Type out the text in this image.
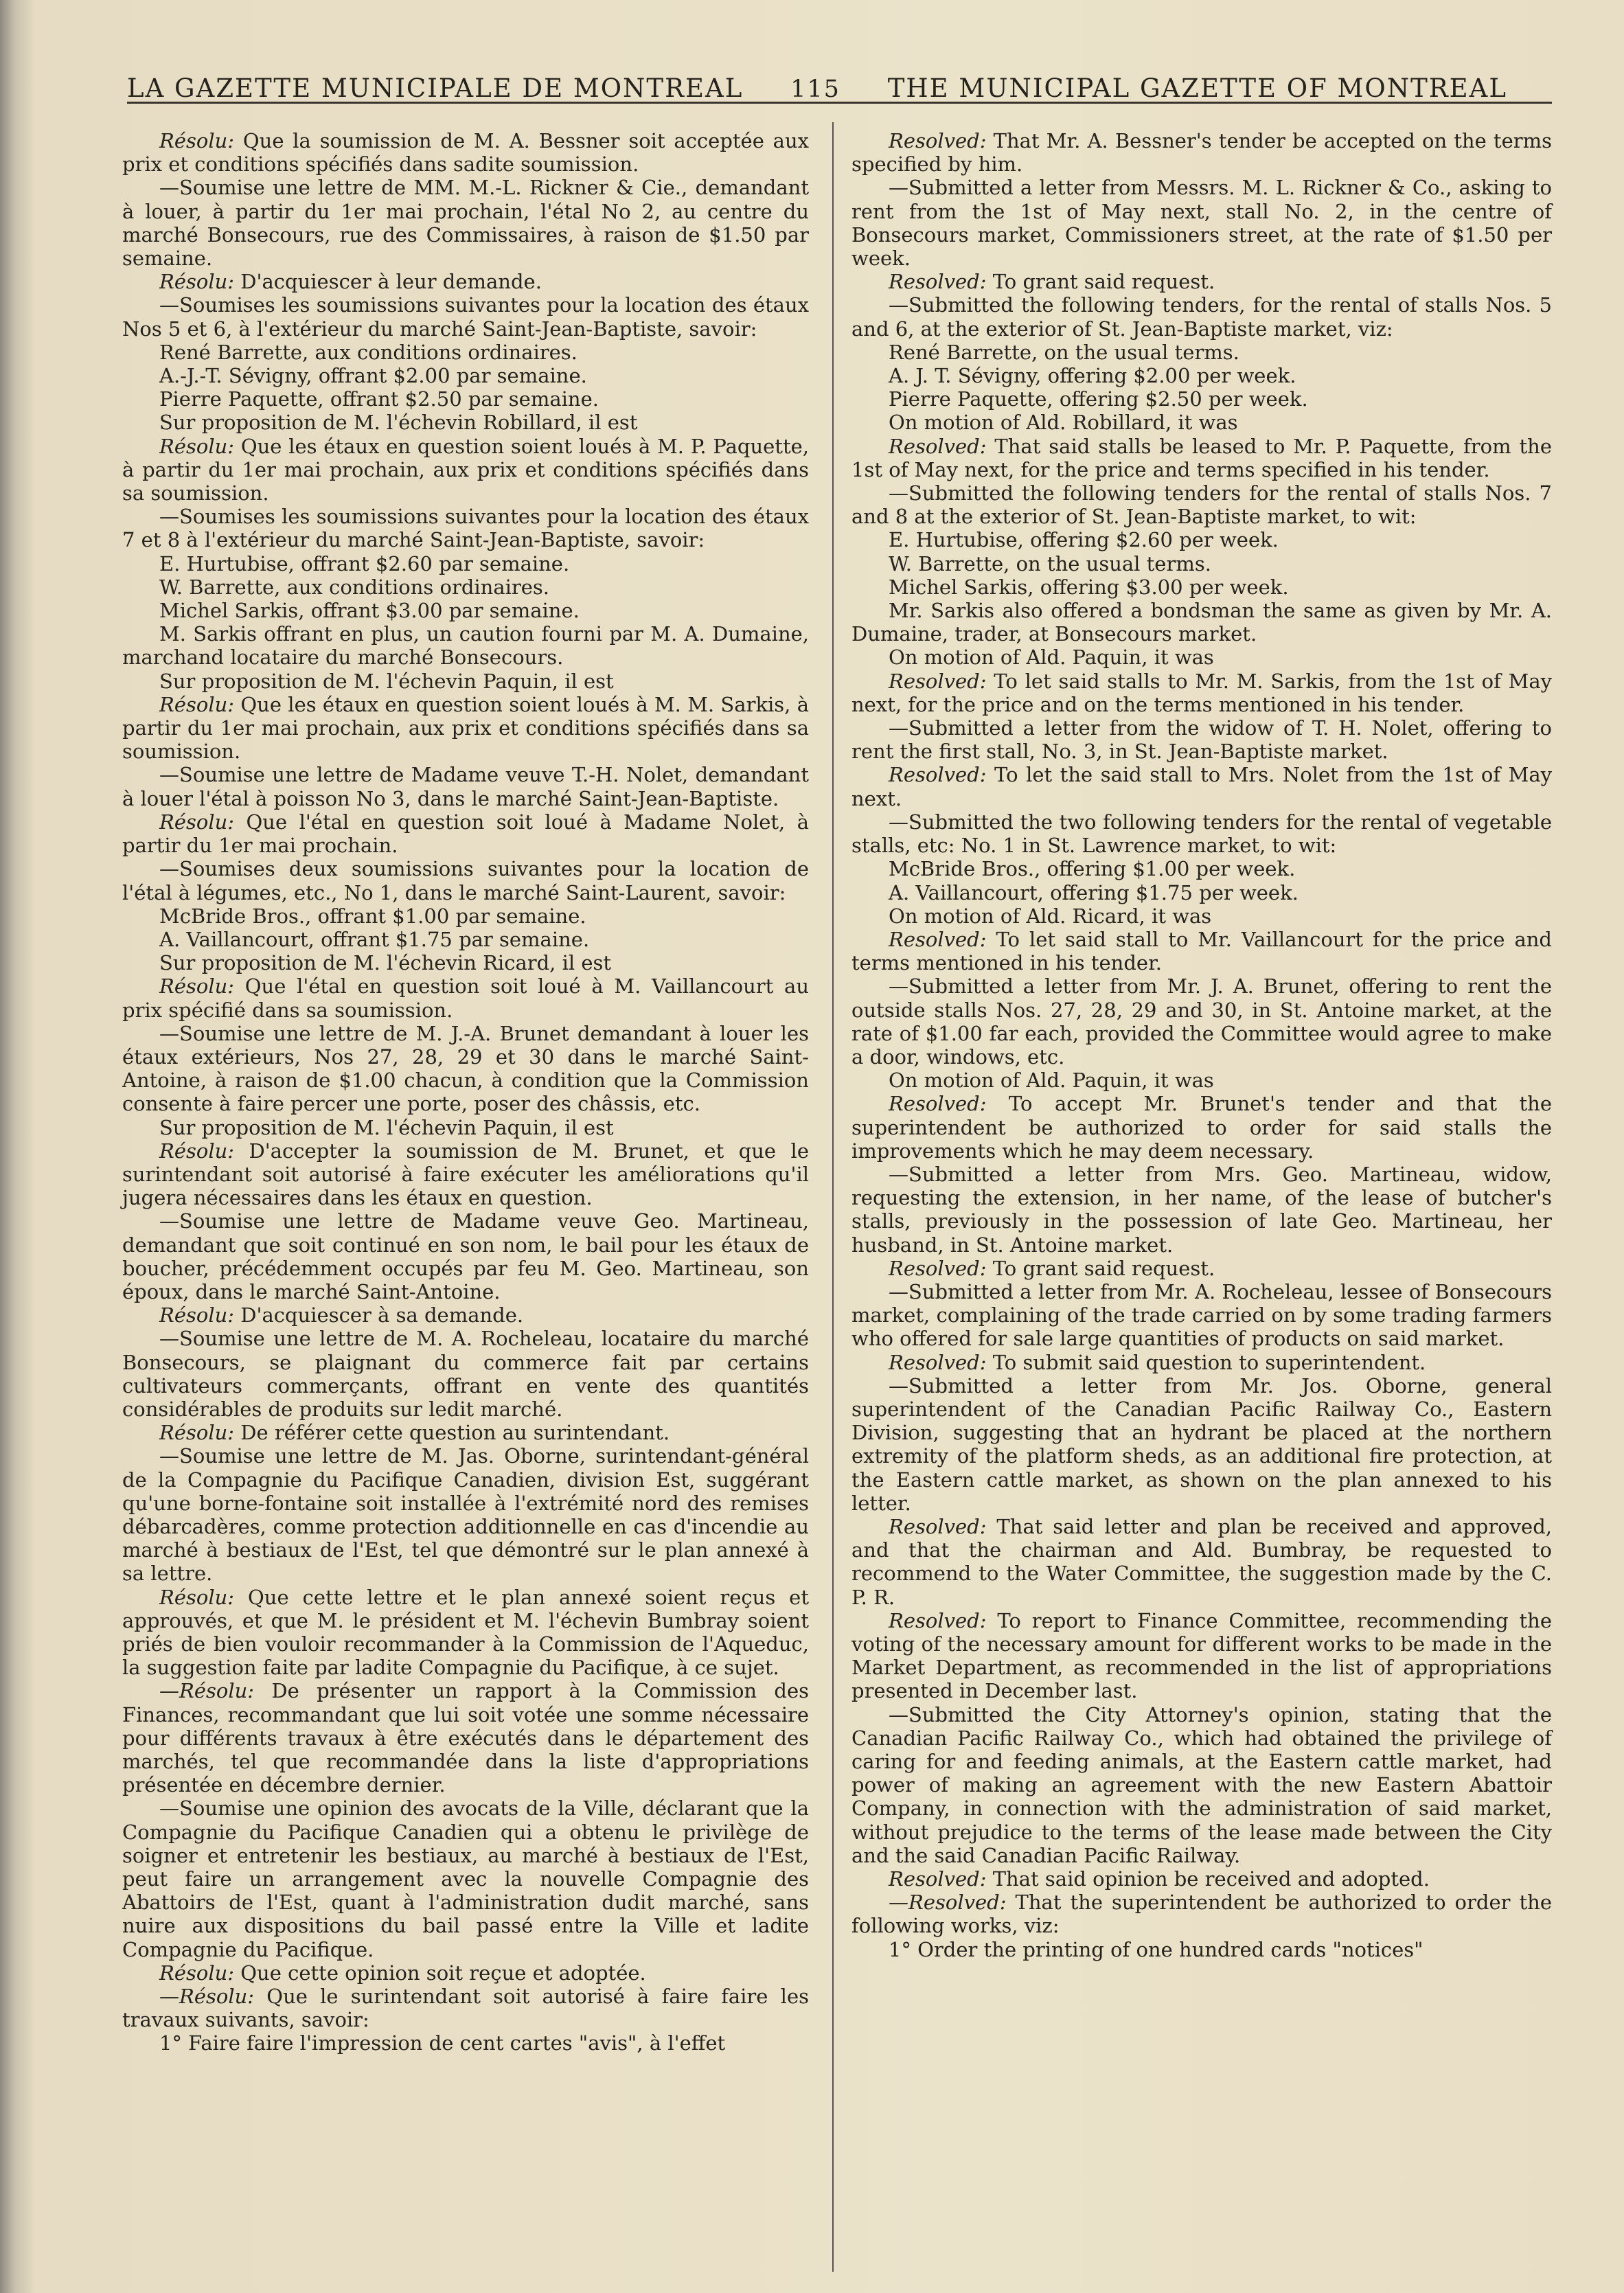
LA GAZETTE MUNICIPALE DE MONTREAL 115 THE MUNICIPAL GAZETTE OF MONTREAL

Résolu: Que la soumission de M. A. Bessner soit acceptée aux prix et conditions spécifiés dans sadite soumission.

—Soumise une lettre de MM. M.-L. Rickner & Cie., demandant à louer, à partir du 1er mai prochain, l'étal No 2, au centre du marché Bonsecours, rue des Commissaires, à raison de $1.50 par semaine.

Résolu: D'acquiescer à leur demande.

—Soumises les soumissions suivantes pour la location des étaux Nos 5 et 6, à l'extérieur du marché Saint-Jean-Baptiste, savoir:

René Barrette, aux conditions ordinaires.

A.-J.-T. Sévigny, offrant $2.00 par semaine.

Pierre Paquette, offrant $2.50 par semaine.

Sur proposition de M. l'échevin Robillard, il est

Résolu: Que les étaux en question soient loués à M. P. Paquette, à partir du 1er mai prochain, aux prix et conditions spécifiés dans sa soumission.

—Soumises les soumissions suivantes pour la location des étaux 7 et 8 à l'extérieur du marché Saint-Jean-Baptiste, savoir:

E. Hurtubise, offrant $2.60 par semaine.

W. Barrette, aux conditions ordinaires.

Michel Sarkis, offrant $3.00 par semaine.

M. Sarkis offrant en plus, un caution fourni par M. A. Dumaine, marchand locataire du marché Bonsecours.

Sur proposition de M. l'échevin Paquin, il est

Résolu: Que les étaux en question soient loués à M. M. Sarkis, à partir du 1er mai prochain, aux prix et conditions spécifiés dans sa soumission.

—Soumise une lettre de Madame veuve T.-H. Nolet, demandant à louer l'étal à poisson No 3, dans le marché Saint-Jean-Baptiste.

Résolu: Que l'étal en question soit loué à Madame Nolet, à partir du 1er mai prochain.

—Soumises deux soumissions suivantes pour la location de l'étal à légumes, etc., No 1, dans le marché Saint-Laurent, savoir:

McBride Bros., offrant $1.00 par semaine.

A. Vaillancourt, offrant $1.75 par semaine.

Sur proposition de M. l'échevin Ricard, il est

Résolu: Que l'étal en question soit loué à M. Vaillancourt au prix spécifié dans sa soumission.

—Soumise une lettre de M. J.-A. Brunet demandant à louer les étaux extérieurs, Nos 27, 28, 29 et 30 dans le marché Saint-Antoine, à raison de $1.00 chacun, à condition que la Commission consente à faire percer une porte, poser des châssis, etc.

Sur proposition de M. l'échevin Paquin, il est

Résolu: D'accepter la soumission de M. Brunet, et que le surintendant soit autorisé à faire exécuter les améliorations qu'il jugera nécessaires dans les étaux en question.

—Soumise une lettre de Madame veuve Geo. Martineau, demandant que soit continué en son nom, le bail pour les étaux de boucher, précédemment occupés par feu M. Geo. Martineau, son époux, dans le marché Saint-Antoine.

Résolu: D'acquiescer à sa demande.

—Soumise une lettre de M. A. Rocheleau, locataire du marché Bonsecours, se plaignant du commerce fait par certains cultivateurs commerçants, offrant en vente des quantités considérables de produits sur ledit marché.

Résolu: De référer cette question au surintendant.

—Soumise une lettre de M. Jas. Oborne, surintendant-général de la Compagnie du Pacifique Canadien, division Est, suggérant qu'une borne-fontaine soit installée à l'extrémité nord des remises débarcadères, comme protection additionnelle en cas d'incendie au marché à bestiaux de l'Est, tel que démontré sur le plan annexé à sa lettre.

Résolu: Que cette lettre et le plan annexé soient reçus et approuvés, et que M. le président et M. l'échevin Bumbray soient priés de bien vouloir recommander à la Commission de l'Aqueduc, la suggestion faite par ladite Compagnie du Pacifique, à ce sujet.

—Résolu: De présenter un rapport à la Commission des Finances, recommandant que lui soit votée une somme nécessaire pour différents travaux à être exécutés dans le département des marchés, tel que recommandée dans la liste d'appropriations présentée en décembre dernier.

—Soumise une opinion des avocats de la Ville, déclarant que la Compagnie du Pacifique Canadien qui a obtenu le privilège de soigner et entretenir les bestiaux, au marché à bestiaux de l'Est, peut faire un arrangement avec la nouvelle Compagnie des Abattoirs de l'Est, quant à l'administration dudit marché, sans nuire aux dispositions du bail passé entre la Ville et ladite Compagnie du Pacifique.

Résolu: Que cette opinion soit reçue et adoptée.

—Résolu: Que le surintendant soit autorisé à faire faire les travaux suivants, savoir:

1° Faire faire l'impression de cent cartes "avis", à l'effet

Resolved: That Mr. A. Bessner's tender be accepted on the terms specified by him.

—Submitted a letter from Messrs. M. L. Rickner & Co., asking to rent from the 1st of May next, stall No. 2, in the centre of Bonsecours market, Commissioners street, at the rate of $1.50 per week.

Resolved: To grant said request.

—Submitted the following tenders, for the rental of stalls Nos. 5 and 6, at the exterior of St. Jean-Baptiste market, viz:

René Barrette, on the usual terms.

A. J. T. Sévigny, offering $2.00 per week.

Pierre Paquette, offering $2.50 per week.

On motion of Ald. Robillard, it was

Resolved: That said stalls be leased to Mr. P. Paquette, from the 1st of May next, for the price and terms specified in his tender.

—Submitted the following tenders for the rental of stalls Nos. 7 and 8 at the exterior of St. Jean-Baptiste market, to wit:

E. Hurtubise, offering $2.60 per week.

W. Barrette, on the usual terms.

Michel Sarkis, offering $3.00 per week.

Mr. Sarkis also offered a bondsman the same as given by Mr. A. Dumaine, trader, at Bonsecours market.

On motion of Ald. Paquin, it was

Resolved: To let said stalls to Mr. M. Sarkis, from the 1st of May next, for the price and on the terms mentioned in his tender.

—Submitted a letter from the widow of T. H. Nolet, offering to rent the first stall, No. 3, in St. Jean-Baptiste market.

Resolved: To let the said stall to Mrs. Nolet from the 1st of May next.

—Submitted the two following tenders for the rental of vegetable stalls, etc: No. 1 in St. Lawrence market, to wit:

McBride Bros., offering $1.00 per week.

A. Vaillancourt, offering $1.75 per week.

On motion of Ald. Ricard, it was

Resolved: To let said stall to Mr. Vaillancourt for the price and terms mentioned in his tender.

—Submitted a letter from Mr. J. A. Brunet, offering to rent the outside stalls Nos. 27, 28, 29 and 30, in St. Antoine market, at the rate of $1.00 far each, provided the Committee would agree to make a door, windows, etc.

On motion of Ald. Paquin, it was

Resolved: To accept Mr. Brunet's tender and that the superintendent be authorized to order for said stalls the improvements which he may deem necessary.

—Submitted a letter from Mrs. Geo. Martineau, widow, requesting the extension, in her name, of the lease of butcher's stalls, previously in the possession of late Geo. Martineau, her husband, in St. Antoine market.

Resolved: To grant said request.

—Submitted a letter from Mr. A. Rocheleau, lessee of Bonsecours market, complaining of the trade carried on by some trading farmers who offered for sale large quantities of products on said market.

Resolved: To submit said question to superintendent.

—Submitted a letter from Mr. Jos. Oborne, general superintendent of the Canadian Pacific Railway Co., Eastern Division, suggesting that an hydrant be placed at the northern extremity of the platform sheds, as an additional fire protection, at the Eastern cattle market, as shown on the plan annexed to his letter.

Resolved: That said letter and plan be received and approved, and that the chairman and Ald. Bumbray, be requested to recommend to the Water Committee, the suggestion made by the C. P. R.

Resolved: To report to Finance Committee, recommending the voting of the necessary amount for different works to be made in the Market Department, as recommended in the list of appropriations presented in December last.

—Submitted the City Attorney's opinion, stating that the Canadian Pacific Railway Co., which had obtained the privilege of caring for and feeding animals, at the Eastern cattle market, had power of making an agreement with the new Eastern Abattoir Company, in connection with the administration of said market, without prejudice to the terms of the lease made between the City and the said Canadian Pacific Railway.

Resolved: That said opinion be received and adopted.

—Resolved: That the superintendent be authorized to order the following works, viz:

1° Order the printing of one hundred cards "notices"
